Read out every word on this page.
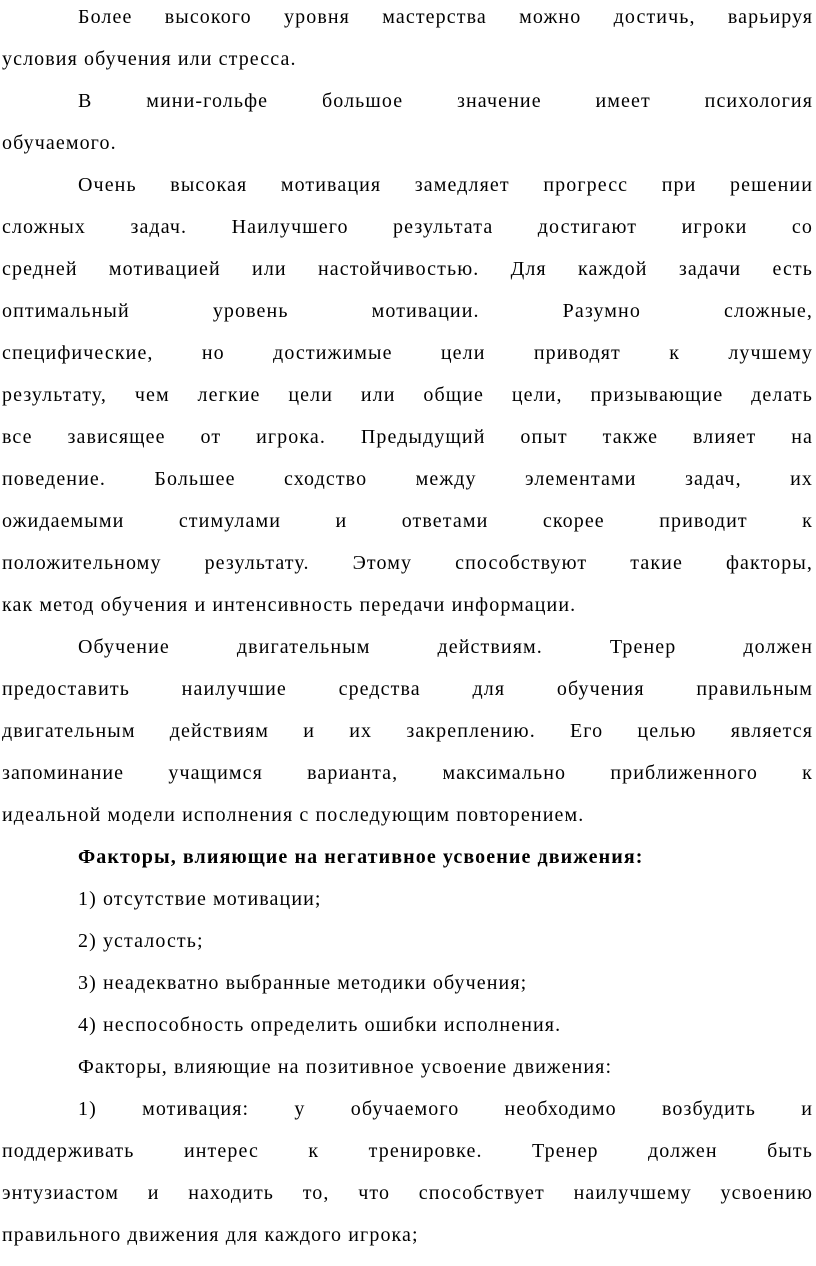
Более высокого уровня мастерства можно достичь, варьируя
условия обучения или стресса.
В мини-гольфе большое значение имеет психология
обучаемого.
Очень высокая мотивация замедляет прогресс при решении
сложных задач. Наилучшего результата достигают игроки со
средней мотивацией или настойчивостью. Для каждой задачи есть
оптимальный уровень мотивации. Разумно сложные,
специфические, но достижимые цели приводят к лучшему
результату, чем легкие цели или общие цели, призывающие делать
все зависящее от игрока. Предыдущий опыт также влияет на
поведение. Большее сходство между элементами задач, их
ожидаемыми стимулами и ответами скорее приводит к
положительному результату. Этому способствуют такие факторы,
как метод обучения и интенсивность передачи информации.
Обучение двигательным действиям. Тренер должен
предоставить наилучшие средства для обучения правильным
двигательным действиям и их закреплению. Его целью является
запоминание учащимся варианта, максимально приближенного к
идеальной модели исполнения с последующим повторением.
Факторы, влияющие на негативное усвоение движения:
1) отсутствие мотивации;
2) усталость;
3) неадекватно выбранные методики обучения;
4) неспособность определить ошибки исполнения.
Факторы, влияющие на позитивное усвоение движения:
1) мотивация: у обучаемого необходимо возбудить и
поддерживать интерес к тренировке. Тренер должен быть
энтузиастом и находить то, что способствует наилучшему усвоению
правильного движения для каждого игрока;
